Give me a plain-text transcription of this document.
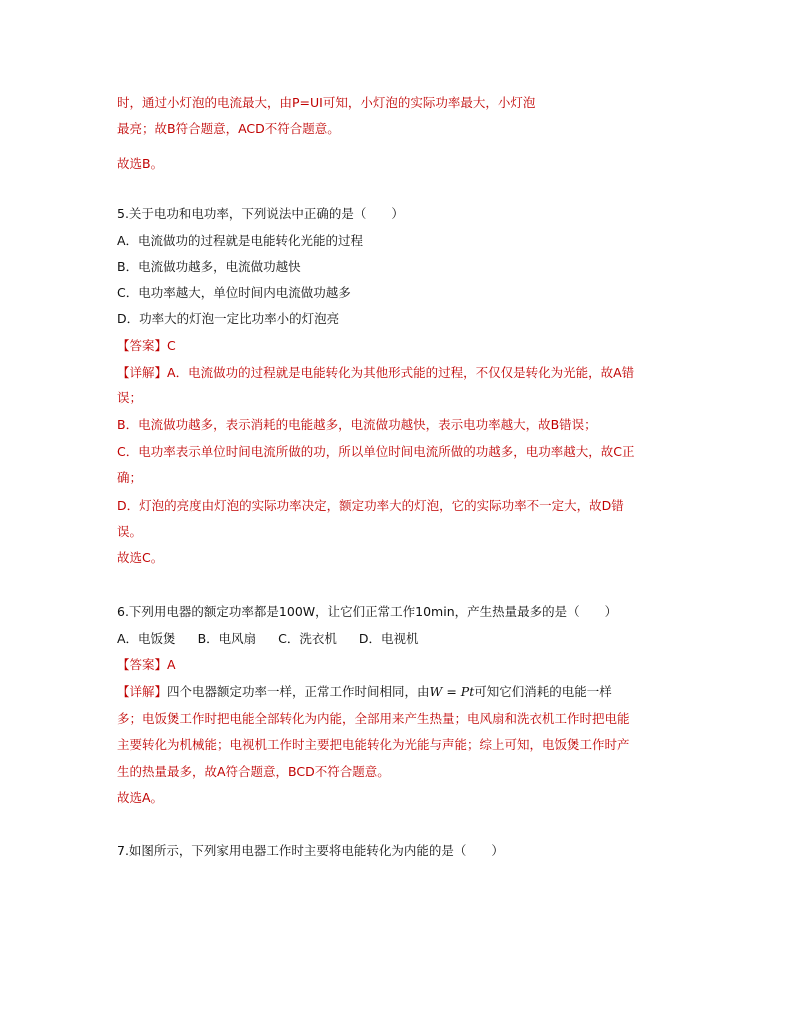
时，通过小灯泡的电流最大，由P=UI可知，小灯泡的实际功率最大，小灯泡
最亮；故B符合题意，ACD不符合题意。
故选B。
5.关于电功和电功率，下列说法中正确的是（　　）
A．电流做功的过程就是电能转化光能的过程
B．电流做功越多，电流做功越快
C．电功率越大，单位时间内电流做功越多
D．功率大的灯泡一定比功率小的灯泡亮
【答案】C
【详解】A．电流做功的过程就是电能转化为其他形式能的过程，不仅仅是转化为光能，故A错
误；
B．电流做功越多，表示消耗的电能越多，电流做功越快，表示电功率越大，故B错误；
C．电功率表示单位时间电流所做的功，所以单位时间电流所做的功越多，电功率越大，故C正
确；
D．灯泡的亮度由灯泡的实际功率决定，额定功率大的灯泡，它的实际功率不一定大，故D错
误。
故选C。
6.下列用电器的额定功率都是100W，让它们正常工作10min，产生热量最多的是（　　）
A．电饭煲 B．电风扇 C．洗衣机 D．电视机
【答案】A
【详解】四个电器额定功率一样，正常工作时间相同，由W = Pt可知它们消耗的电能一样
多；电饭煲工作时把电能全部转化为内能，全部用来产生热量；电风扇和洗衣机工作时把电能
主要转化为机械能；电视机工作时主要把电能转化为光能与声能；综上可知，电饭煲工作时产
生的热量最多，故A符合题意，BCD不符合题意。
故选A。
7.如图所示，下列家用电器工作时主要将电能转化为内能的是（　　）
